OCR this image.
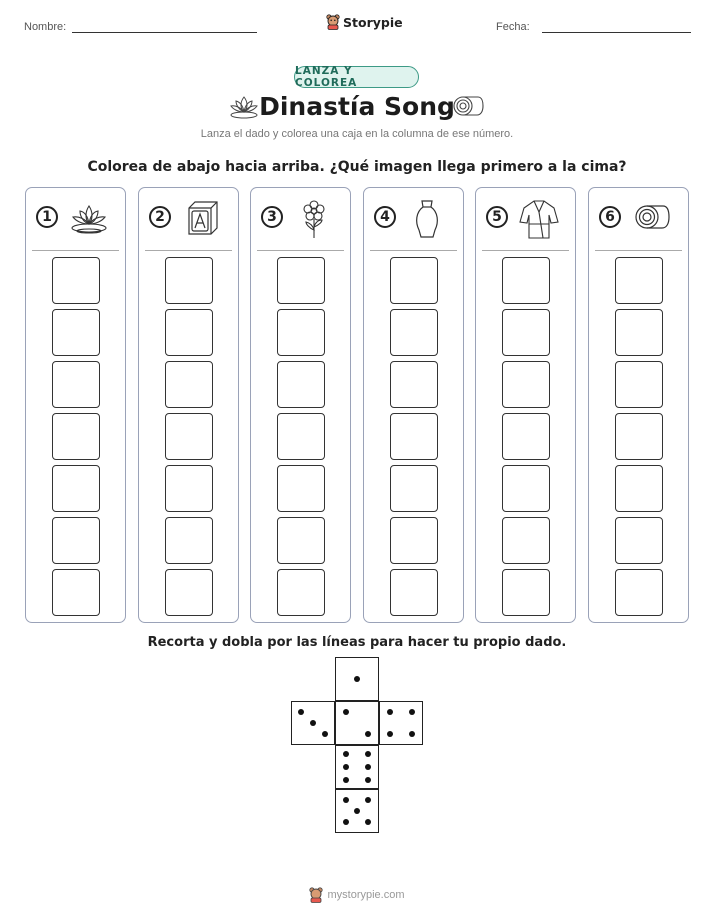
Nombre:	Storypie	Fecha:
LANZA Y COLOREA
Dinastía Song
Lanza el dado y colorea una caja en la columna de ese número.
Colorea de abajo hacia arriba. ¿Qué imagen llega primero a la cima?
1	2	3	4	5	6
Recorta y dobla por las líneas para hacer tu propio dado.
mystorypie.com
